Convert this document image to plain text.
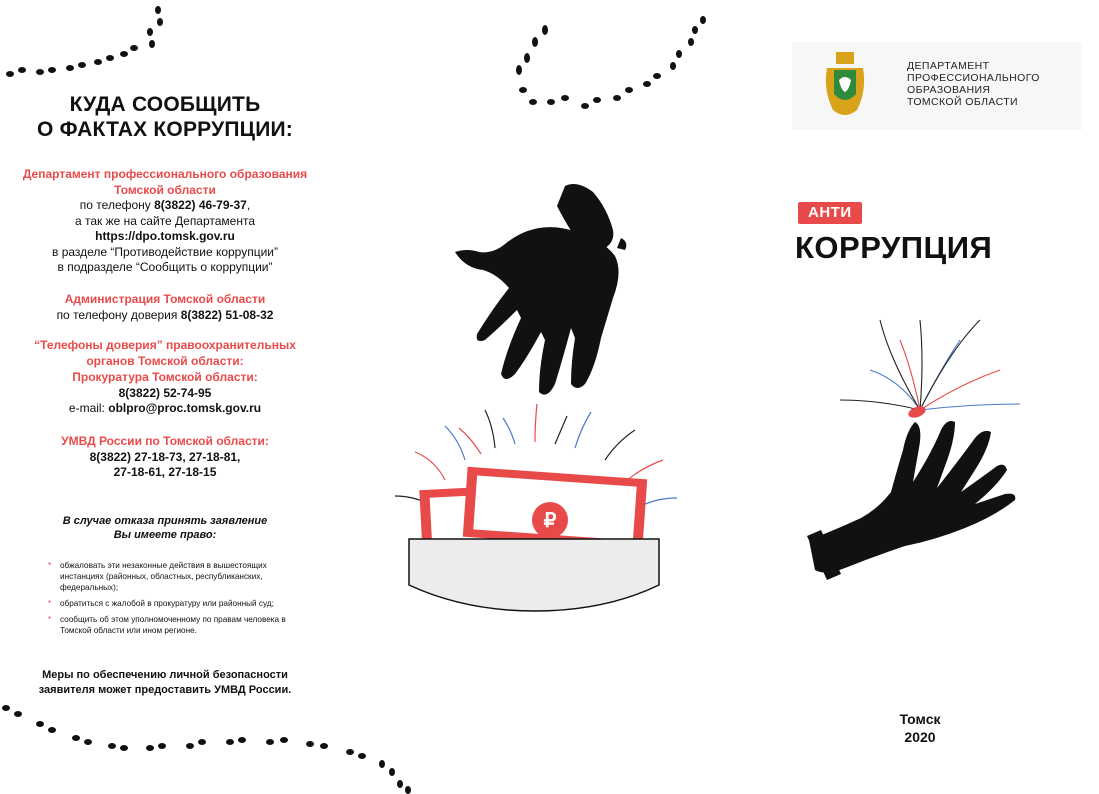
КУДА СООБЩИТЬ
О ФАКТАХ КОРРУПЦИИ:
Департамент профессионального образования
Томской области
по телефону 8(3822) 46-79-37,
а так же на сайте Департамента
https://dpo.tomsk.gov.ru
в разделе “Противодействие коррупции”
в подразделе “Сообщить о коррупции”
Администрация Томской области
по телефону доверия 8(3822) 51-08-32
“Телефоны доверия” правоохранительных
органов Томской области:
Прокуратура Томской области:
8(3822) 52-74-95
e-mail: oblpro@proc.tomsk.gov.ru
УМВД России по Томской области:
8(3822) 27-18-73, 27-18-81,
27-18-61, 27-18-15
В случае отказа принять заявление
Вы имеете право:
* обжаловать эти незаконные действия в вышестоящих инстанциях (районных, областных, республиканских, федеральных);
* обратиться с жалобой в прокуратуру или районный суд;
* сообщить об этом уполномоченному по правам человека в Томской области или ином регионе.
Меры по обеспечению личной безопасности
заявителя может предоставить УМВД России.
₽
ДЕПАРТАМЕНТ
ПРОФЕССИОНАЛЬНОГО
ОБРАЗОВАНИЯ
ТОМСКОЙ ОБЛАСТИ
АНТИ
КОРРУПЦИЯ
Томск
2020
